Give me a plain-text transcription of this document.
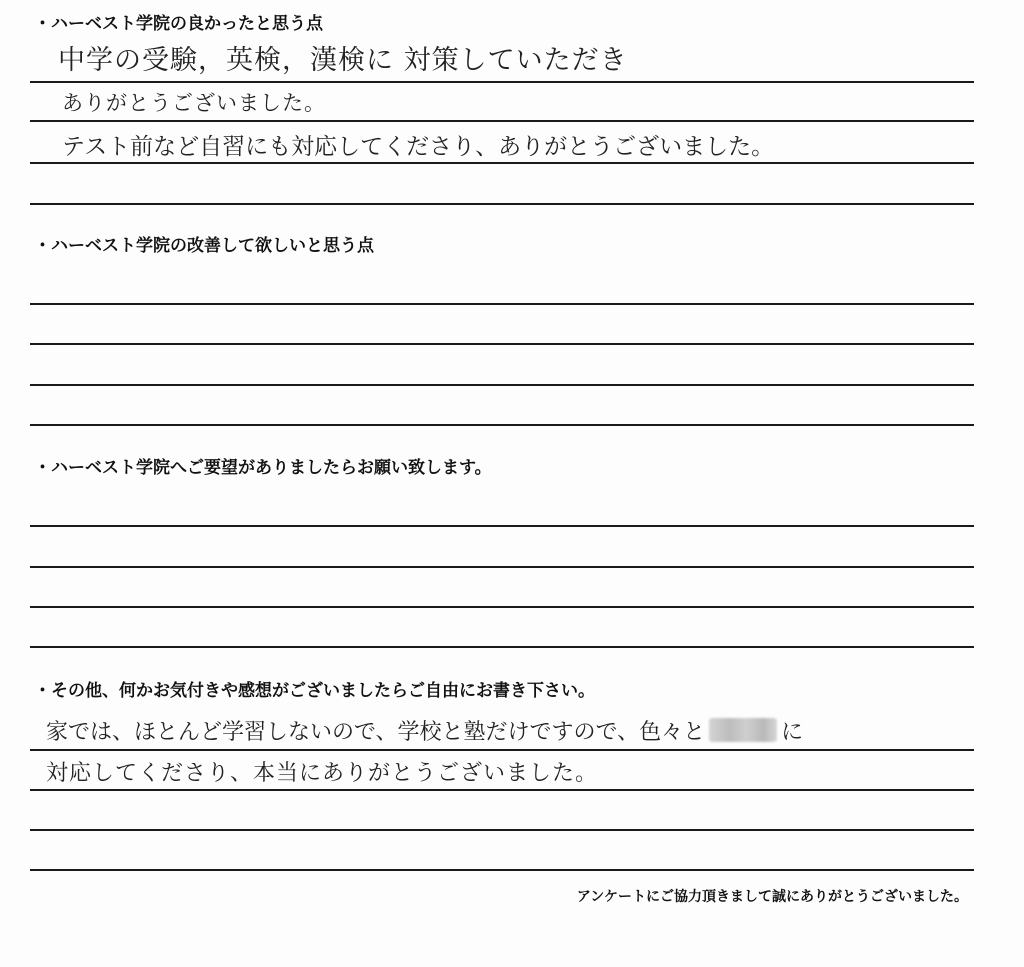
・ハーベスト学院の良かったと思う点
中学の受験，英検，漢検に 対策していただき
ありがとうございました。
テスト前など自習にも対応してくださり、ありがとうございました。
・ハーベスト学院の改善して欲しいと思う点
・ハーベスト学院へご要望がありましたらお願い致します。
・その他、何かお気付きや感想がございましたらご自由にお書き下さい。
家では、ほとんど学習しないので、学校と塾だけですので、色々と	に
対応してくださり、本当にありがとうございました。
アンケートにご協力頂きまして誠にありがとうございました。
